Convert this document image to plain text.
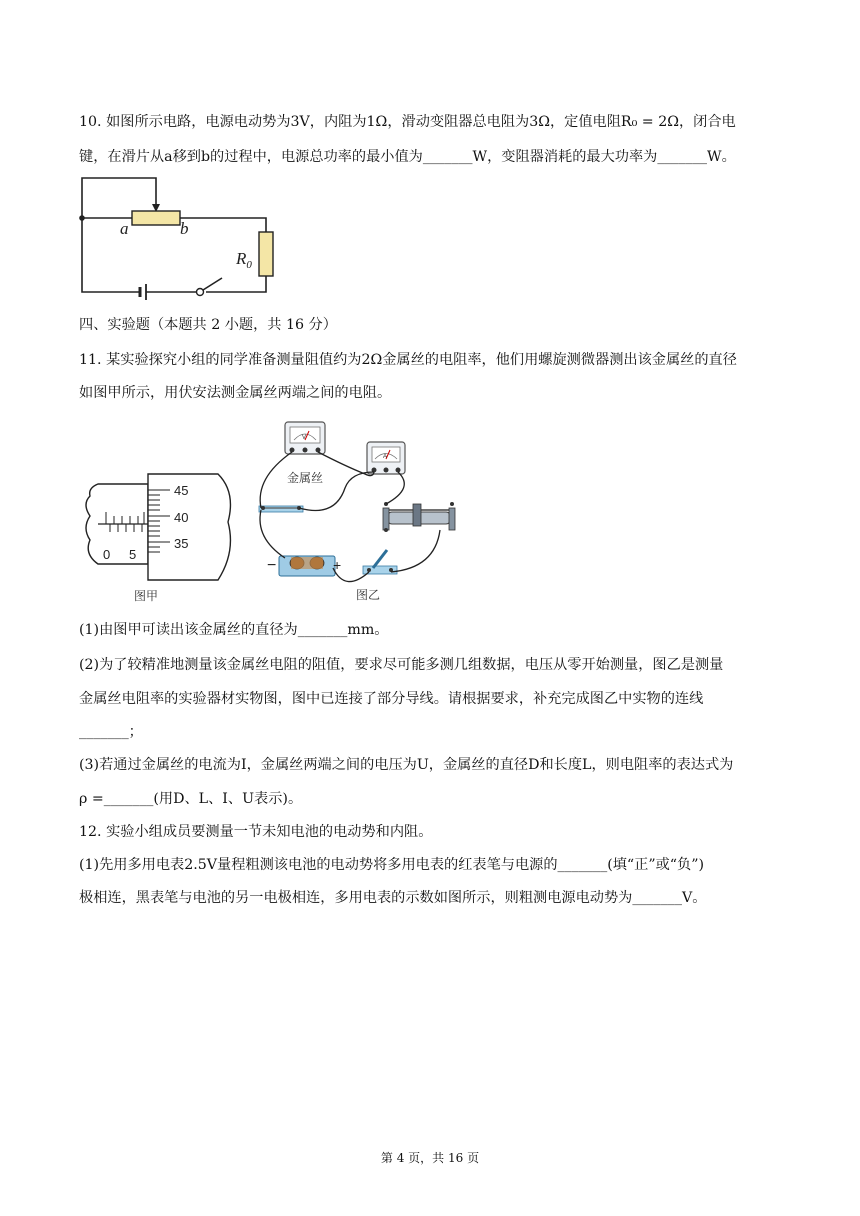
10. 如图所示电路，电源电动势为3V，内阻为1Ω，滑动变阻器总电阻为3Ω，定值电阻R₀ = 2Ω，闭合电
键，在滑片从a移到b的过程中，电源总功率的最小值为_______W，变阻器消耗的最大功率为_______W。
a	b
$R_0$
四、实验题（本题共 2 小题，共 16 分）
11. 某实验探究小组的同学准备测量阻值约为2Ω金属丝的电阻率，他们用螺旋测微器测出该金属丝的直径
如图甲所示，用伏安法测金属丝两端之间的电阻。
0 5
45
40
35
图甲
V
A
金属丝
−	+
图乙
(1)由图甲可读出该金属丝的直径为_______mm。
(2)为了较精准地测量该金属丝电阻的阻值，要求尽可能多测几组数据，电压从零开始测量，图乙是测量
金属丝电阻率的实验器材实物图，图中已连接了部分导线。请根据要求，补充完成图乙中实物的连线
_______；
(3)若通过金属丝的电流为I，金属丝两端之间的电压为U，金属丝的直径D和长度L，则电阻率的表达式为
ρ =_______(用D、L、I、U表示)。
12. 实验小组成员要测量一节未知电池的电动势和内阻。
(1)先用多用电表2.5V量程粗测该电池的电动势将多用电表的红表笔与电源的_______(填“正”或“负”)
极相连，黑表笔与电池的另一电极相连，多用电表的示数如图所示，则粗测电源电动势为_______V。
第 4 页，共 16 页
